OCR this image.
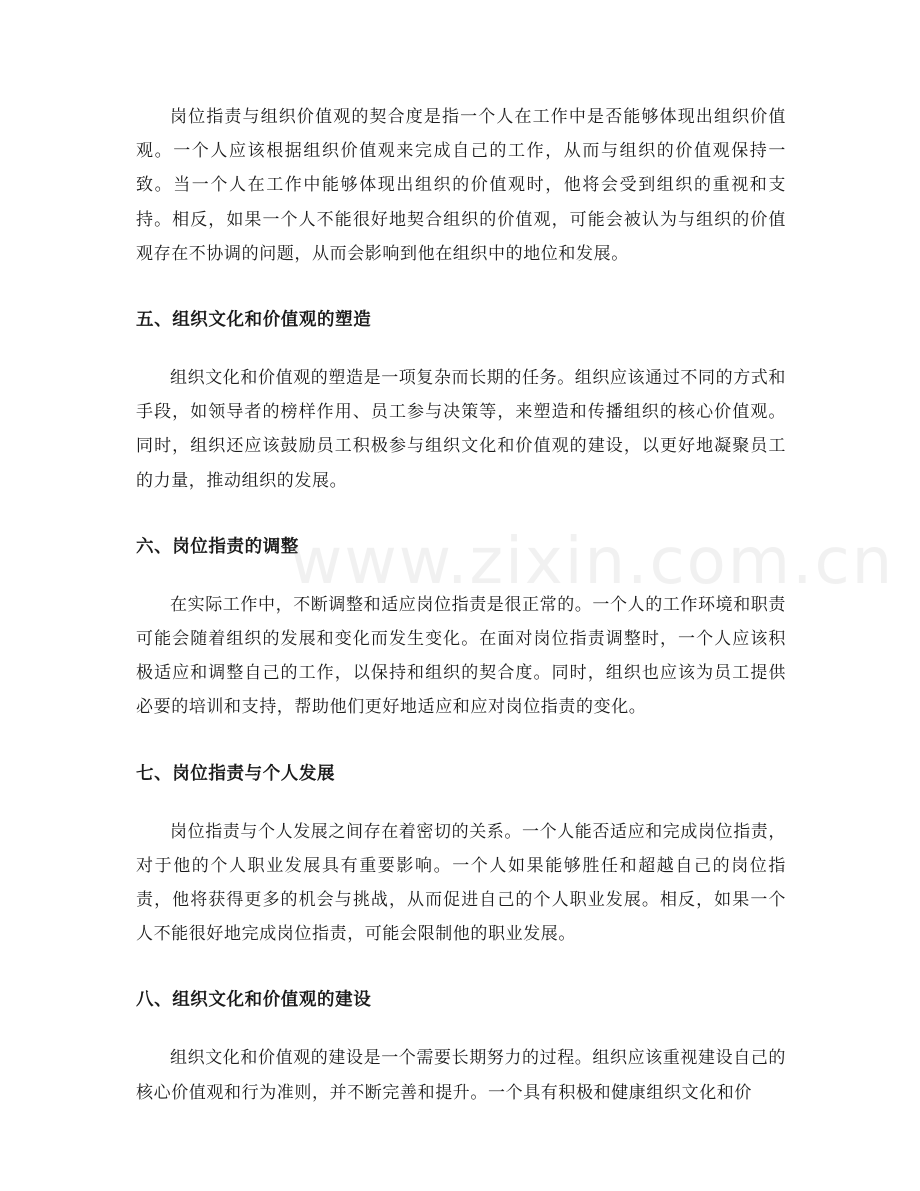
岗位指责与组织价值观的契合度是指一个人在工作中是否能够体现出组织价值观。一个人应该根据组织价值观来完成自己的工作，从而与组织的价值观保持一致。当一个人在工作中能够体现出组织的价值观时，他将会受到组织的重视和支持。相反，如果一个人不能很好地契合组织的价值观，可能会被认为与组织的价值观存在不协调的问题，从而会影响到他在组织中的地位和发展。

五、组织文化和价值观的塑造

组织文化和价值观的塑造是一项复杂而长期的任务。组织应该通过不同的方式和手段，如领导者的榜样作用、员工参与决策等，来塑造和传播组织的核心价值观。同时，组织还应该鼓励员工积极参与组织文化和价值观的建设，以更好地凝聚员工的力量，推动组织的发展。

六、岗位指责的调整

在实际工作中，不断调整和适应岗位指责是很正常的。一个人的工作环境和职责可能会随着组织的发展和变化而发生变化。在面对岗位指责调整时，一个人应该积极适应和调整自己的工作，以保持和组织的契合度。同时，组织也应该为员工提供必要的培训和支持，帮助他们更好地适应和应对岗位指责的变化。

七、岗位指责与个人发展

岗位指责与个人发展之间存在着密切的关系。一个人能否适应和完成岗位指责，对于他的个人职业发展具有重要影响。一个人如果能够胜任和超越自己的岗位指责，他将获得更多的机会与挑战，从而促进自己的个人职业发展。相反，如果一个人不能很好地完成岗位指责，可能会限制他的职业发展。

八、组织文化和价值观的建设

组织文化和价值观的建设是一个需要长期努力的过程。组织应该重视建设自己的核心价值观和行为准则，并不断完善和提升。一个具有积极和健康组织文化和价

www.zixin.com.cn
